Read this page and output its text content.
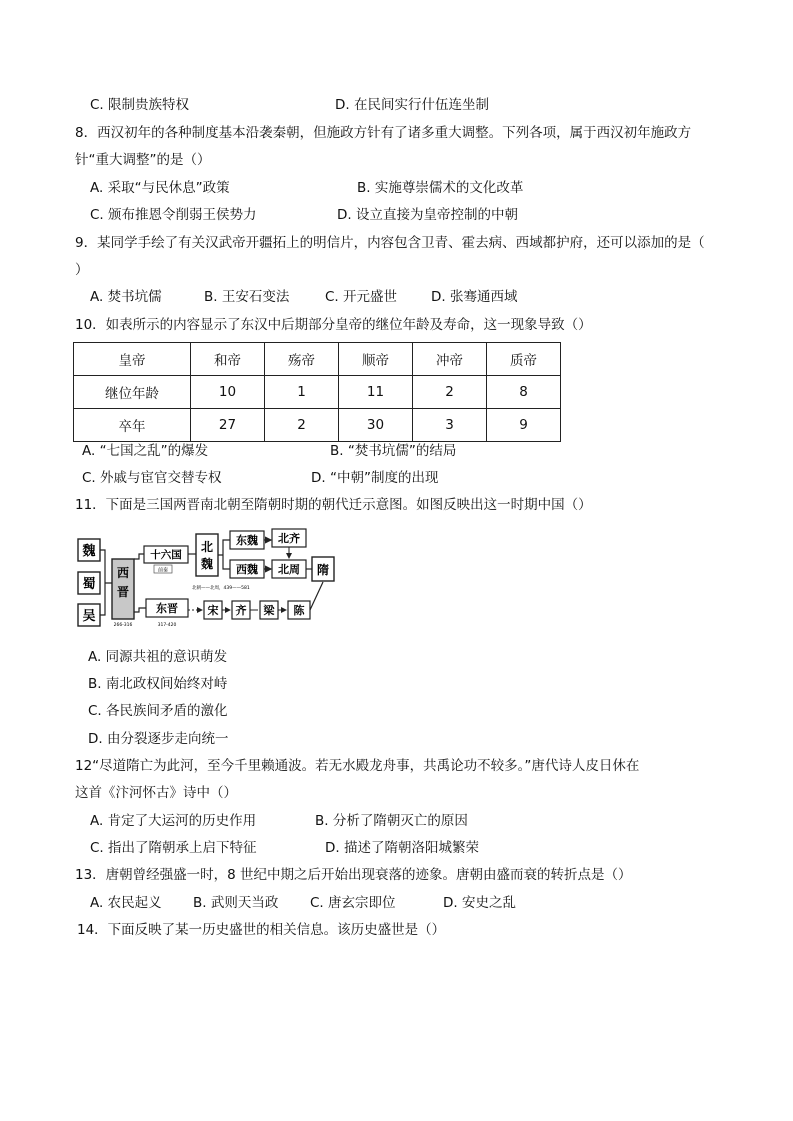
C. 限制贵族特权	D. 在民间实行什伍连坐制
8．西汉初年的各种制度基本沿袭秦朝，但施政方针有了诸多重大调整。下列各项，属于西汉初年施政方
针“重大调整”的是（）
A. 采取“与民休息”政策	B. 实施尊崇儒术的文化改革
C. 颁布推恩令削弱王侯势力	D. 设立直接为皇帝控制的中朝
9．某同学手绘了有关汉武帝开疆拓上的明信片，内容包含卫青、霍去病、西域都护府，还可以添加的是（
）
A. 焚书坑儒	B. 王安石变法	C. 开元盛世	D. 张骞通西域
10．如表所示的内容显示了东汉中后期部分皇帝的继位年龄及寿命，这一现象导致（）
皇帝	和帝	殇帝	顺帝	冲帝	质帝
继位年龄	10	1	11	2	8
卒年	27	2	30	3	9
A. “七国之乱”的爆发	B. “焚书坑儒”的结局
C. 外戚与宦官交替专权	D. “中朝”制度的出现
11．下面是三国两晋南北朝至隋朝时期的朝代迁示意图。如图反映出这一时期中国（）
魏
蜀
吴
西
晋
266-316
十六国
前秦
北
魏
东魏 北齐
西魏 北周 隋
北朝——北周，439——581
东晋
317-420
宋 齐 梁 陈
A. 同源共祖的意识萌发
B. 南北政权间始终对峙
C. 各民族间矛盾的激化
D. 由分裂逐步走向统一
12“尽道隋亡为此河，至今千里赖通波。若无水殿龙舟事，共禹论功不较多。”唐代诗人皮日休在
这首《汴河怀古》诗中（）
A. 肯定了大运河的历史作用	B. 分析了隋朝灭亡的原因
C. 指出了隋朝承上启下特征	D. 描述了隋朝洛阳城繁荣
13．唐朝曾经强盛一时，8 世纪中期之后开始出现衰落的迹象。唐朝由盛而衰的转折点是（）
A. 农民起义 B. 武则天当政 C. 唐玄宗即位	D. 安史之乱
14．下面反映了某一历史盛世的相关信息。该历史盛世是（）
